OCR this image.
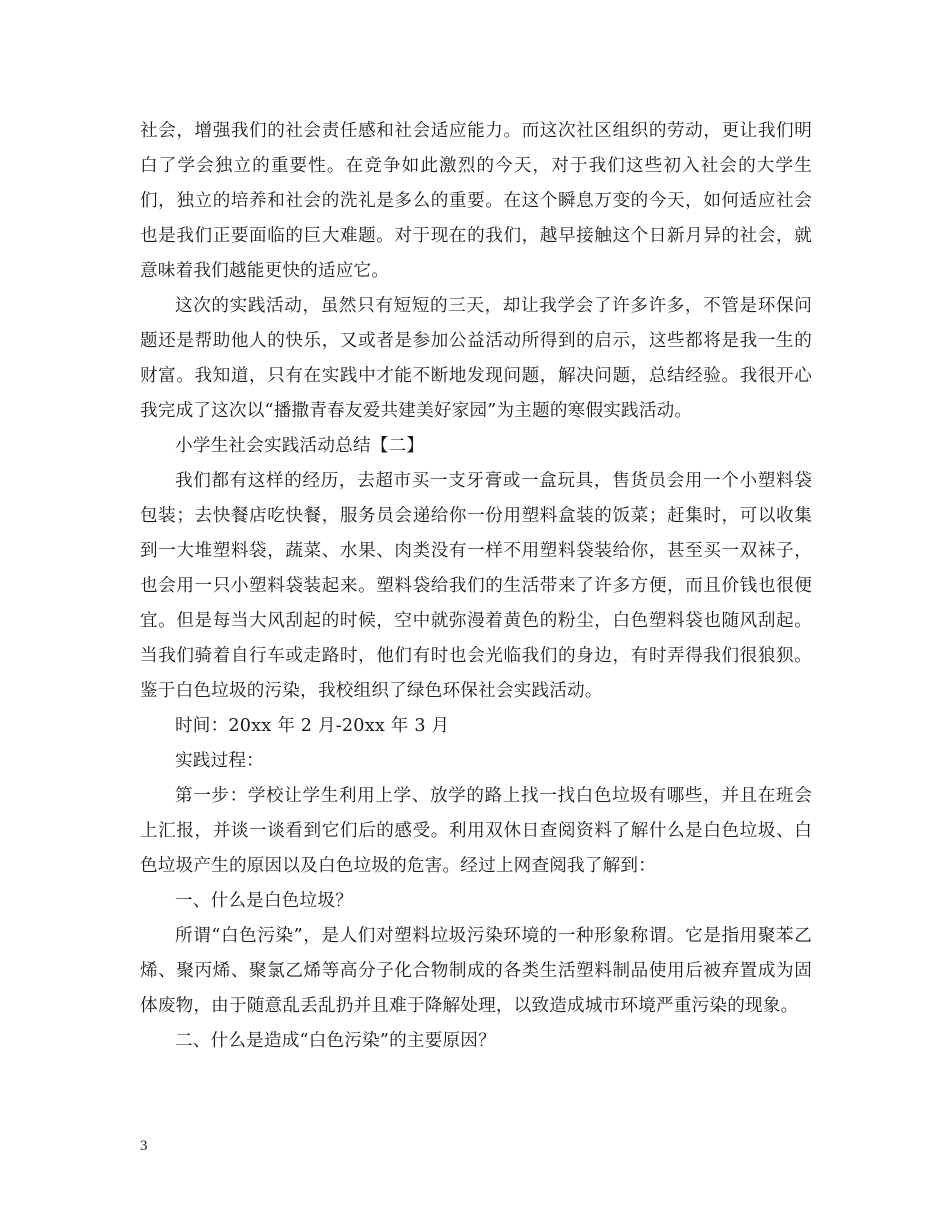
社会，增强我们的社会责任感和社会适应能力。而这次社区组织的劳动，更让我们明白了学会独立的重要性。在竞争如此激烈的今天，对于我们这些初入社会的大学生们，独立的培养和社会的洗礼是多么的重要。在这个瞬息万变的今天，如何适应社会也是我们正要面临的巨大难题。对于现在的我们，越早接触这个日新月异的社会，就意味着我们越能更快的适应它。

这次的实践活动，虽然只有短短的三天，却让我学会了许多许多，不管是环保问题还是帮助他人的快乐，又或者是参加公益活动所得到的启示，这些都将是我一生的财富。我知道，只有在实践中才能不断地发现问题，解决问题，总结经验。我很开心我完成了这次以“播撒青春友爱共建美好家园”为主题的寒假实践活动。

小学生社会实践活动总结【二】

我们都有这样的经历，去超市买一支牙膏或一盒玩具，售货员会用一个小塑料袋包装；去快餐店吃快餐，服务员会递给你一份用塑料盒装的饭菜；赶集时，可以收集到一大堆塑料袋，蔬菜、水果、肉类没有一样不用塑料袋装给你，甚至买一双袜子，也会用一只小塑料袋装起来。塑料袋给我们的生活带来了许多方便，而且价钱也很便宜。但是每当大风刮起的时候，空中就弥漫着黄色的粉尘，白色塑料袋也随风刮起。当我们骑着自行车或走路时，他们有时也会光临我们的身边，有时弄得我们很狼狈。鉴于白色垃圾的污染，我校组织了绿色环保社会实践活动。

时间：20xx 年 2 月-20xx 年 3 月

实践过程：

第一步：学校让学生利用上学、放学的路上找一找白色垃圾有哪些，并且在班会上汇报，并谈一谈看到它们后的感受。利用双休日查阅资料了解什么是白色垃圾、白色垃圾产生的原因以及白色垃圾的危害。经过上网查阅我了解到：

一、什么是白色垃圾？

所谓“白色污染”，是人们对塑料垃圾污染环境的一种形象称谓。它是指用聚苯乙烯、聚丙烯、聚氯乙烯等高分子化合物制成的各类生活塑料制品使用后被弃置成为固体废物，由于随意乱丢乱扔并且难于降解处理，以致造成城市环境严重污染的现象。

二、什么是造成“白色污染”的主要原因？

3
